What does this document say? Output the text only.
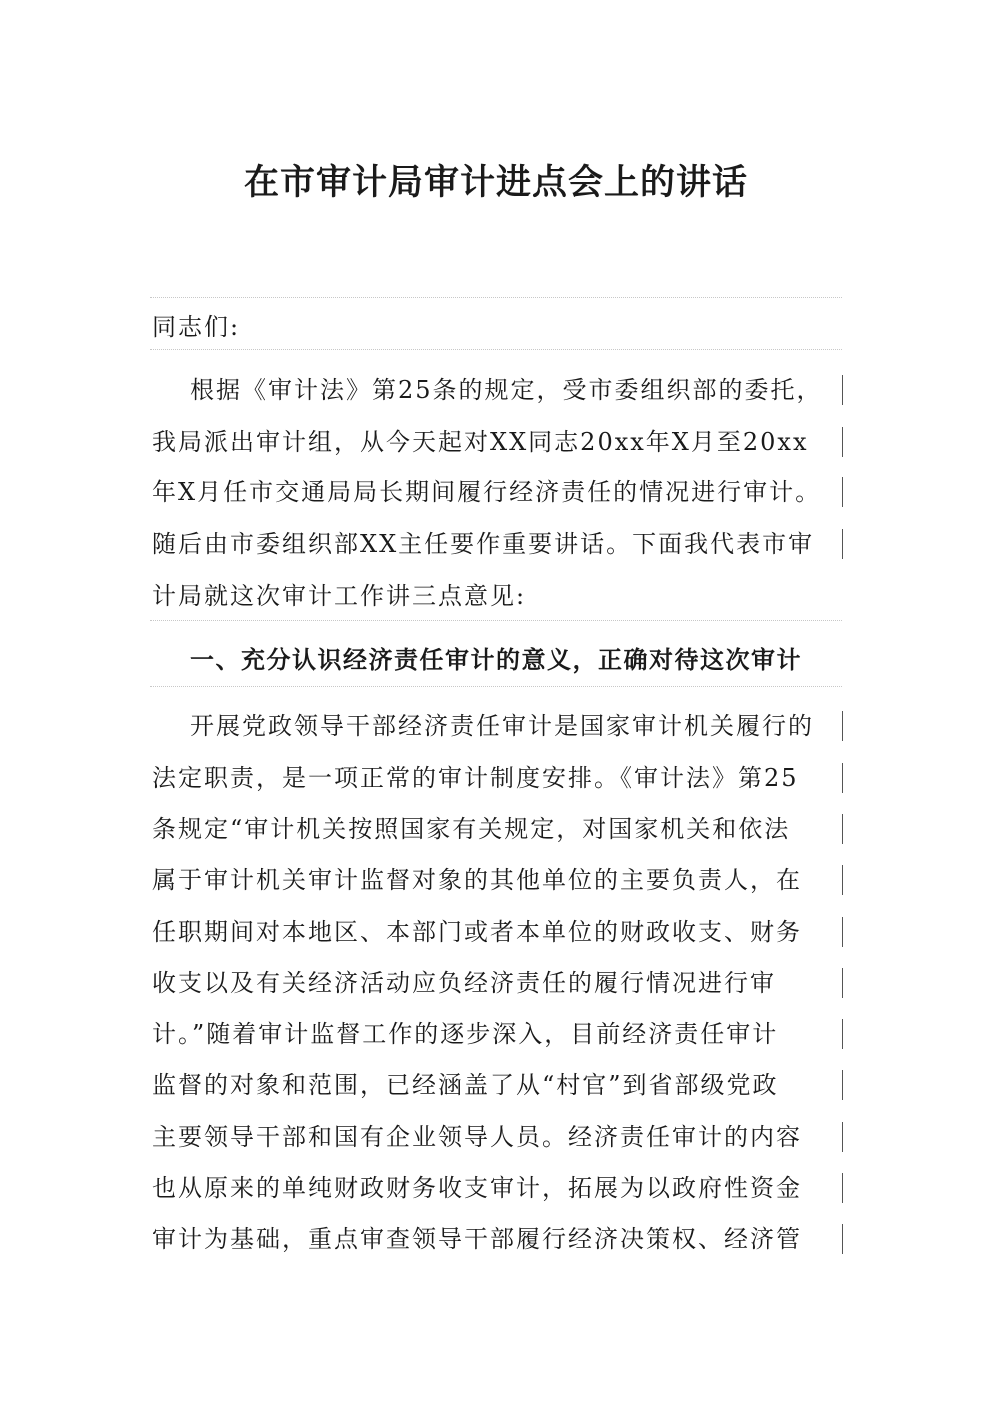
在市审计局审计进点会上的讲话
同志们:
根据《审计法》第25条的规定，受市委组织部的委托，
我局派出审计组，从今天起对XX同志20xx年X月至20xx
年X月任市交通局局长期间履行经济责任的情况进行审计。
随后由市委组织部XX主任要作重要讲话。下面我代表市审
计局就这次审计工作讲三点意见:
一、充分认识经济责任审计的意义，正确对待这次审计
开展党政领导干部经济责任审计是国家审计机关履行的
法定职责，是一项正常的审计制度安排。《审计法》第25
条规定“审计机关按照国家有关规定，对国家机关和依法
属于审计机关审计监督对象的其他单位的主要负责人，在
任职期间对本地区、本部门或者本单位的财政收支、财务
收支以及有关经济活动应负经济责任的履行情况进行审
计。”随着审计监督工作的逐步深入，目前经济责任审计
监督的对象和范围，已经涵盖了从“村官”到省部级党政
主要领导干部和国有企业领导人员。经济责任审计的内容
也从原来的单纯财政财务收支审计，拓展为以政府性资金
审计为基础，重点审查领导干部履行经济决策权、经济管
